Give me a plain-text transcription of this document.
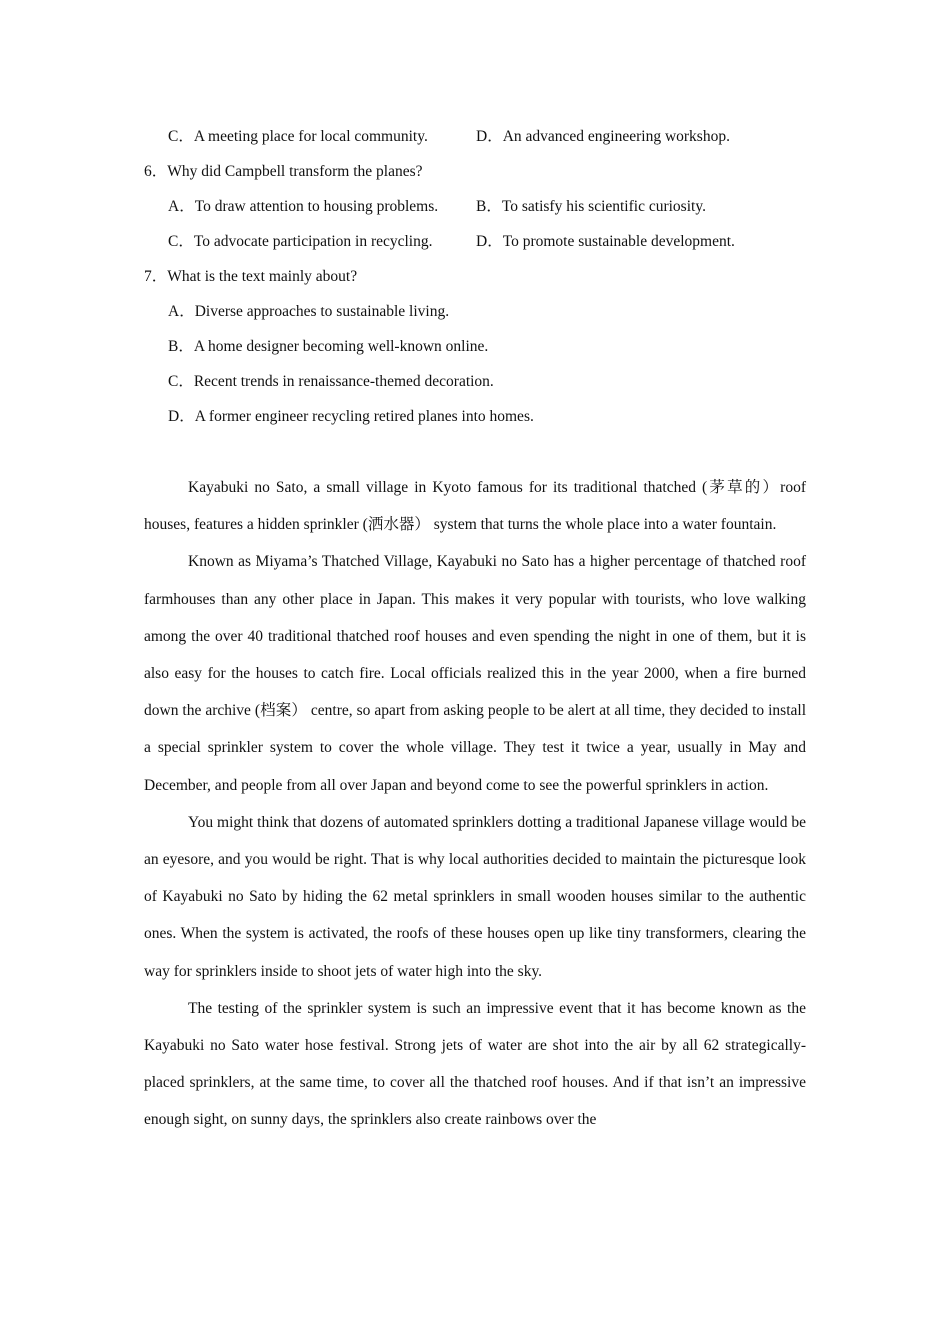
C．A meeting place for local community.	D．An advanced engineering workshop.
6．Why did Campbell transform the planes?
A．To draw attention to housing problems. B．To satisfy his scientific curiosity.
C．To advocate participation in recycling.	D．To promote sustainable development.
7．What is the text mainly about?
A．Diverse approaches to sustainable living.
B．A home designer becoming well-known online.
C．Recent trends in renaissance-themed decoration.
D．A former engineer recycling retired planes into homes.

Kayabuki no Sato, a small village in Kyoto famous for its traditional thatched (茅草的）roof houses, features a hidden sprinkler (洒水器） system that turns the whole place into a water fountain.

Known as Miyama’s Thatched Village, Kayabuki no Sato has a higher percentage of thatched roof farmhouses than any other place in Japan. This makes it very popular with tourists, who love walking among the over 40 traditional thatched roof houses and even spending the night in one of them, but it is also easy for the houses to catch fire. Local officials realized this in the year 2000, when a fire burned down the archive (档案） centre, so apart from asking people to be alert at all time, they decided to install a special sprinkler system to cover the whole village. They test it twice a year, usually in May and December, and people from all over Japan and beyond come to see the powerful sprinklers in action.

You might think that dozens of automated sprinklers dotting a traditional Japanese village would be an eyesore, and you would be right. That is why local authorities decided to maintain the picturesque look of Kayabuki no Sato by hiding the 62 metal sprinklers in small wooden houses similar to the authentic ones. When the system is activated, the roofs of these houses open up like tiny transformers, clearing the way for sprinklers inside to shoot jets of water high into the sky.

The testing of the sprinkler system is such an impressive event that it has become known as the Kayabuki no Sato water hose festival. Strong jets of water are shot into the air by all 62 strategically-placed sprinklers, at the same time, to cover all the thatched roof houses. And if that isn’t an impressive enough sight, on sunny days, the sprinklers also create rainbows over the
